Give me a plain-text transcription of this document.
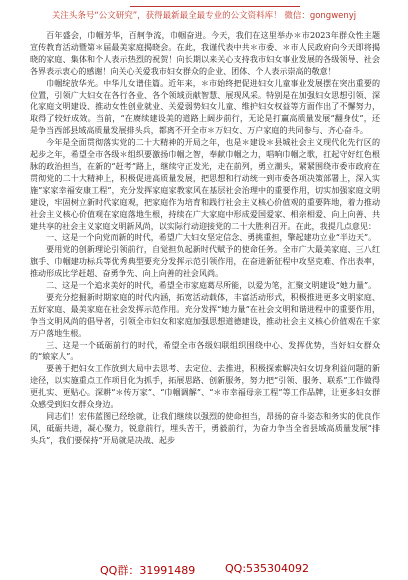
关注头条号“公文研究”，获得最新最全最专业的公文资料库！ 微信：gongwenyj

百年盛会，巾帼芳华，百舸争流，巾帼奋进。今天，我们在这里举办＊市2023年群众性主题宣传教育活动暨第＊届最美家庭揭晓会。在此，我谨代表中共＊市委、＊市人民政府向今天即将揭晓的家庭、集体和个人表示热烈的祝贺！向长期以来关心支持我市妇女事业发展的各级领导、社会各界表示衷心的感谢！向关心关爱我市妇女群众的企业、团体、个人表示崇高的敬意！

巾帼绽放华光。中华儿女谱佳篇。近年来，＊市始终把促进妇女儿童事业发展摆在突出重要的位置，引领广大妇女在各行各业、各个领域贡献智慧、展现风采。特别是在加强妇女思想引领、深化家庭文明建设、推动女性创业就业、关爱弱势妇女儿童、维护妇女权益等方面作出了不懈努力，取得了较好成效。当前，“在赓续建设美的道路上阔步前行，无论是打赢高质量发展“翻身仗”，还是争当西部县域高质量发展排头兵，都离不开全市＊万妇女、万户家庭的共同参与、齐心奋斗。

今年是全面贯彻落实党的二十大精神的开局之年，也是＊建设＊县城社会主义现代化先行区的起步之年，希望全市各级＊组织要激扬巾帼之智，奉献巾帼之力，唱响巾帼之歌，扛起守好红色根脉的政治担当，在新的“赶考”路上，继续守正发光，走在前列，勇立潮头，紧紧围绕市委市政府在贯彻党的二十大精神上，积极促进高质量发展，把思想和行动统一到市委各项决策部署上，深入实施“家家幸福安康工程”，充分发挥家庭家教家风在基层社会治理中的重要作用，切实加强家庭文明建设，牢固树立新时代家庭观，把家庭作为培育和践行社会主义核心价值观的重要阵地，着力推动社会主义核心价值观在家庭落地生根，持续在广大家庭中形成爱国爱家、相亲相爱、向上向善、共建共享的社会主义家庭文明新风尚，以实际行动迎接党的二十大胜利召开。在此，我提几点意见：

一、这是一个向党而新的时代，希望广大妇女坚定信念、勇挑重担，擎起建功立业“半边天”。

要用党的创新理论引领前行，自觉担负起新时代赋予的使命任务。全市广大最美家庭、三八红旗手、巾帼建功标兵等优秀典型要充分发挥示范引领作用，在奋进新征程中攻坚克难、作出表率，推动形成比学赶超、奋勇争先、向上向善的社会风尚。

二、这是一个追求美好的时代，希望全市家庭葛尽所能，以爱为笔，汇聚文明建设“她力量”。

要充分挖掘新时期家庭的时代内涵，拓宽活动载体，丰富活动形式，积极推进更多文明家庭、五好家庭、最美家庭在社会发挥示范作用。充分发挥“她力量”在社会文明和谐进程中的重要作用，争当文明风尚的倡导者，引领全市妇女和家庭加强思想道德建设，推动社会主义核心价值观在千家万户落地生根。

三、这是一个砥砺前行的时代，希望全市各级妇联组织围绕中心、发挥优势，当好妇女群众的“娘家人”。

要善于把妇女工作放到大局中去思考、去定位、去推进，积极探索解决妇女切身利益问题的新途径，以实施重点工作项目化为抓手，拓展思路、创新服务，努力把“引领、服务、联系”工作做得更扎实、更贴心。深耕“＊传万家”、“巾帼调解”、“＊市幸福母亲工程”等工作品牌，让更多妇女群众感受到妇女群众身边。

同志们！宏伟蓝图已经绘就，让我们继续以强烈的使命担当，昂扬的奋斗姿态和务实的优良作风，砥砺共进，凝心聚力，锐意前行，埋头苦干，勇毅前行，为奋力争当全省县域高质量发展“排头兵”，我们要保持“开局就是决战、起步

QQ群：31991489	QQ:535304092
